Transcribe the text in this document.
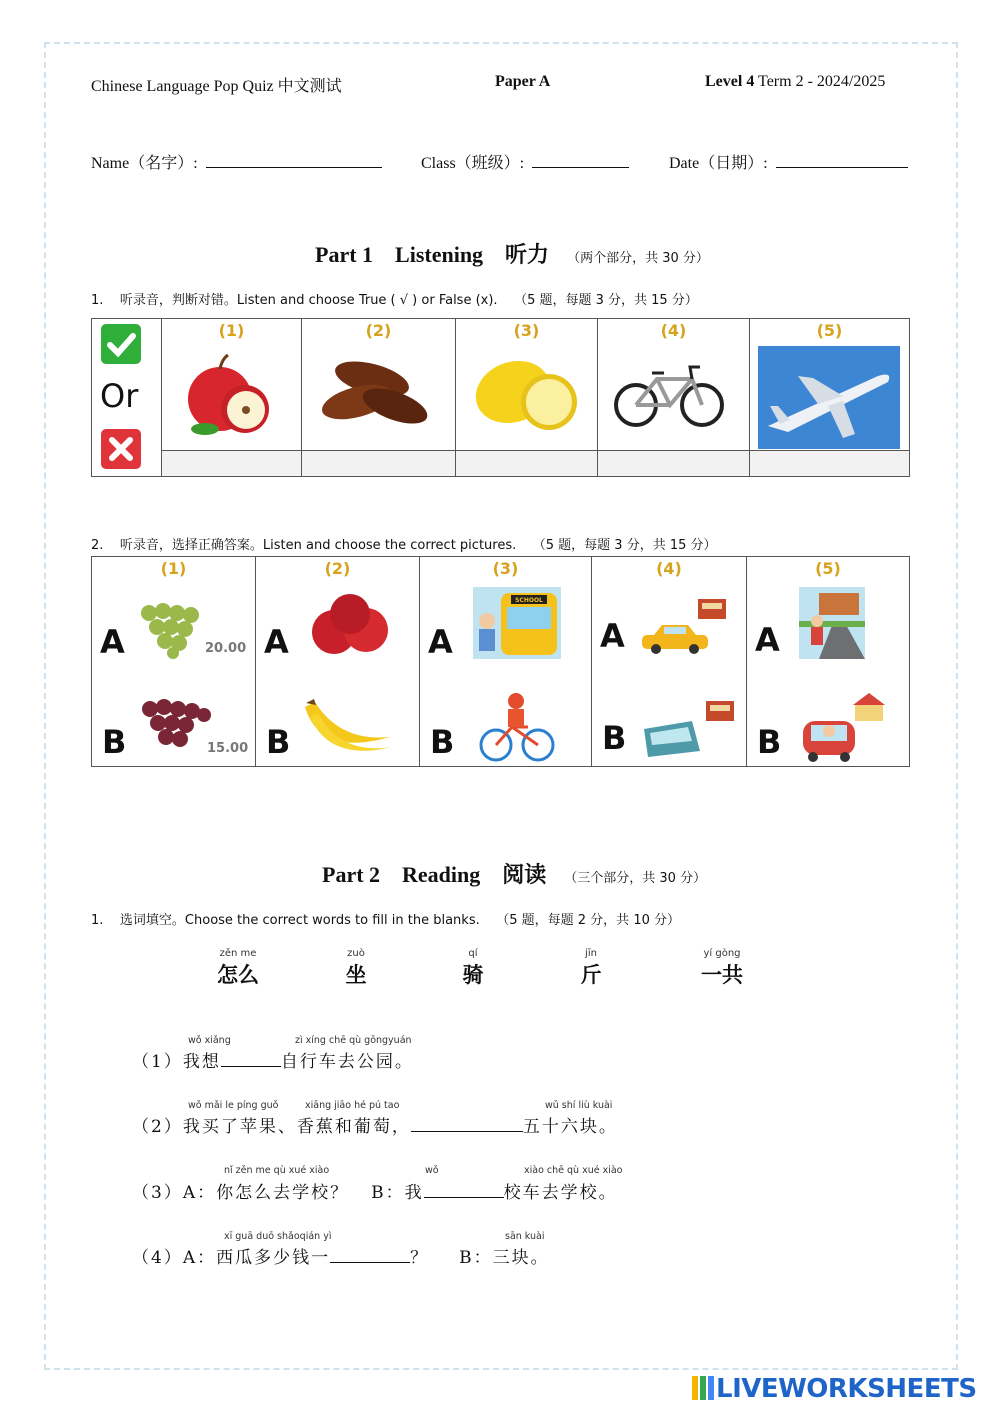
Chinese Language Pop Quiz 中文测试	Paper A	Level 4 Term 2 - 2024/2025
Name（名字）:	Class（班级）:	Date（日期）:
Part 1    Listening    听力 （两个部分，共 30 分）
1.    听录音，判断对错。Listen and choose True ( √ ) or False (x).    （5 题，每题 3 分，共 15 分）
Or	(1)	(2)	(3)	(4)	(5)

2.    听录音，选择正确答案。Listen and choose the correct pictures.    （5 题，每题 3 分，共 15 分）
(1)
A	20.00
B	15.00

(2)
A
B

(3)
A
SCHOOL
B

(4)
A
B

(5)
A
B
Part 2    Reading    阅读 （三个部分，共 30 分）
1.    选词填空。Choose the correct words to fill in the blanks.    （5 题，每题 2 分，共 10 分）
zěn me
怎么
zuò
坐
qí
骑
jīn
斤
yí gòng
一共
wǒ xiǎng	zì xíng chē qù gōngyuán
（1）我想	自行车去公园。
wǒ mǎi le píng guǒ	xiāng jiāo hé pú tao	wǔ shí liù kuài
（2）我买了苹果、香蕉和葡萄，	五十六块。
nǐ zěn me qù xué xiào	wǒ	xiào chē qù xué xiào
（3）A：你怎么去学校？ B：我	校车去学校。
xī guā duō shǎoqián yì	sān kuài
（4）A：西瓜多少钱一	？ B：三块。
LIVEWORKSHEETS
